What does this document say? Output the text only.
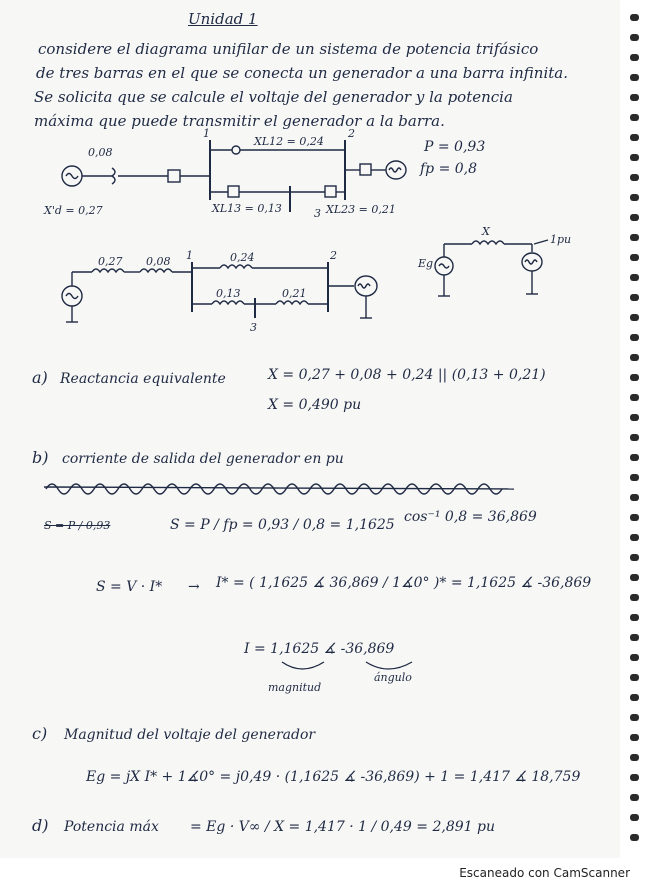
Unidad 1
considere el diagrama unifilar de un sistema de potencia trifásico
de tres barras en el que se conecta un generador a una barra infinita.
Se solicita que se calcule el voltaje del generador y la potencia
máxima que puede transmitir el generador a la barra.
1	2
3
0,08
X'd = 0,27
XL12 = 0,24
XL13 = 0,13	XL23 = 0,21
P = 0,93
fp = 0,8
1	2
3
0,27 0,08	0,24
0,13	0,21
X
Eg
1pu
a) Reactancia equivalente	X = 0,27 + 0,08 + 0,24 || (0,13 + 0,21)
X = 0,490 pu
b) corriente de salida del generador en pu
S = P / 0,93	S = P / fp = 0,93 / 0,8 = 1,1625 cos⁻¹ 0,8 = 36,869
S = V · I* → I* = ( 1,1625 ∡ 36,869 / 1∡0° )* = 1,1625 ∡ -36,869
I = 1,1625 ∡ -36,869
magnitud
ángulo
c) Magnitud del voltaje del generador
Eg = jX I* + 1∡0° = j0,49 · (1,1625 ∡ -36,869) + 1 = 1,417 ∡ 18,759
d) Potencia máx = Eg · V∞ / X = 1,417 · 1 / 0,49 = 2,891 pu
Escaneado con CamScanner
